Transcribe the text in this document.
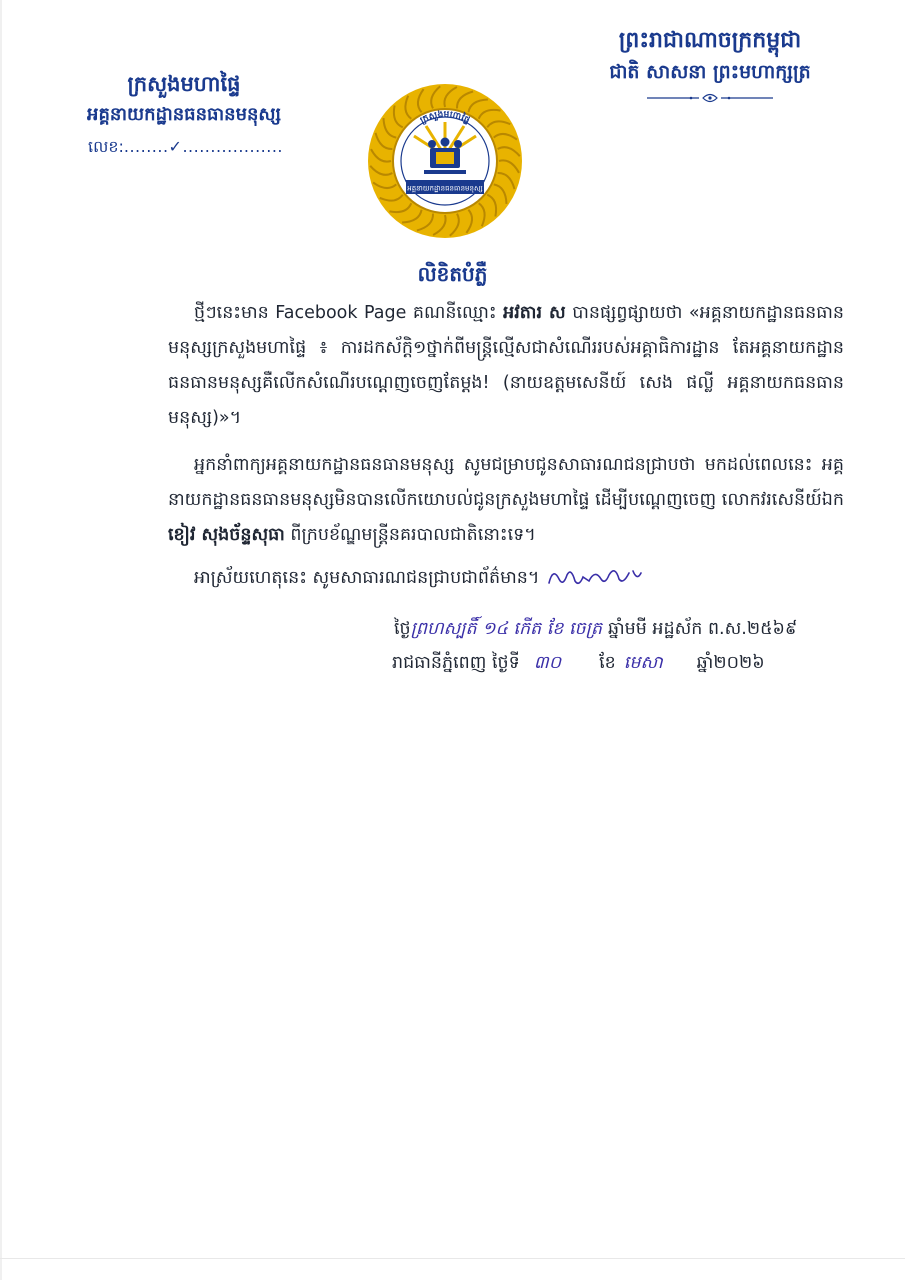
ព្រះរាជាណាចក្រកម្ពុជា
ជាតិ សាសនា ព្រះមហាក្សត្រ
ក្រសួងមហាផ្ទៃ
អគ្គនាយកដ្ឋានធនធានមនុស្ស
លេខ:........✓..................
ក្រសួងមហាផ្ទៃ
អគ្គនាយកដ្ឋានធនធានមនុស្ស
លិខិតបំភ្លឺ
ថ្មីៗនេះមាន Facebook Page គណនីឈ្មោះ អវតារ ស បានផ្សព្វផ្សាយថា «អគ្គនាយកដ្ឋានធនធានមនុស្សក្រសួងមហាផ្ទៃ ៖ ការដកស័ក្តិ១ថ្នាក់ពីមន្ត្រីល្មើសជាសំណើររបស់អគ្គាធិការដ្ឋាន តែអគ្គនាយកដ្ឋានធនធានមនុស្សគឺលើកសំណើរបណ្តេញចេញតែម្តង! (នាយឧត្តមសេនីយ៍ សេង ផល្លី អគ្គនាយកធនធានមនុស្ស)»។
អ្នកនាំពាក្យអគ្គនាយកដ្ឋានធនធានមនុស្ស សូមជម្រាបជូនសាធារណជនជ្រាបថា មកដល់ពេលនេះ អគ្គនាយកដ្ឋានធនធានមនុស្សមិនបានលើកយោបល់ជូនក្រសួងមហាផ្ទៃ ដើម្បីបណ្តេញចេញ លោកវរសេនីយ៍ឯក ខៀវ សុងច័ន្ទសុធា ពីក្របខ័ណ្ឌមន្ត្រីនគរបាលជាតិនោះទេ។
អាស្រ័យហេតុនេះ សូមសាធារណជនជ្រាបជាព័ត៌មាន។
ថ្ងៃព្រហស្បតិ៍ ១៤ កើត ខែ ចេត្រ ឆ្នាំមមី អដ្ឋស័ក ព.ស.២៥៦៩
រាជធានីភ្នំពេញ ថ្ងៃទី ៣០ ខែ មេសា ឆ្នាំ២០២៦
